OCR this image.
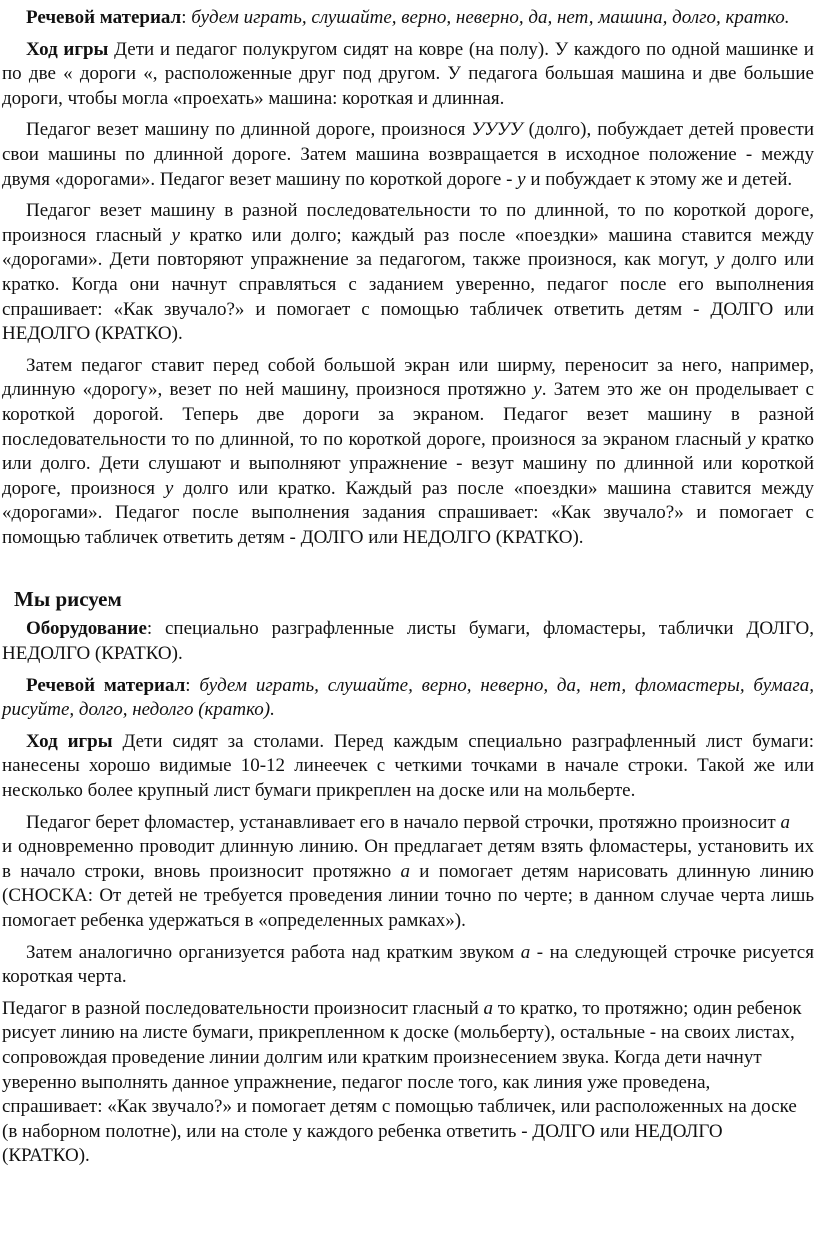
Речевой материал: будем играть, слушайте, верно, неверно, да, нет, машина, долго, кратко.

Ход игры Дети и педагог полукругом сидят на ковре (на полу). У каждого по одной машинке и по две « дороги «, расположенные друг под другом. У педагога большая машина и две большие дороги, чтобы могла «проехать» машина: короткая и длинная.

Педагог везет машину по длинной дороге, произнося УУУУ (долго), побуждает детей провести свои машины по длинной дороге. Затем машина возвращается в исходное положение - между двумя «дорогами». Педагог везет машину по короткой дороге - у и побуждает к этому же и детей.

Педагог везет машину в разной последовательности то по длинной, то по короткой дороге, произнося гласный у кратко или долго; каждый раз после «поездки» машина ставится между «дорогами». Дети повторяют упражнение за педагогом, также произнося, как могут, у долго или кратко. Когда они начнут справляться с заданием уверенно, педагог после его выполнения спрашивает: «Как звучало?» и помогает с помощью табличек ответить детям - ДОЛГО или НЕДОЛГО (КРАТКО).

Затем педагог ставит перед собой большой экран или ширму, переносит за него, например, длинную «дорогу», везет по ней машину, произнося протяжно у. Затем это же он проделывает с короткой дорогой. Теперь две дороги за экраном. Педагог везет машину в разной последовательности то по длинной, то по короткой дороге, произнося за экраном гласный у кратко или долго. Дети слушают и выполняют упражнение - везут машину по длинной или короткой дороге, произнося у долго или кратко. Каждый раз после «поездки» машина ставится между «дорогами». Педагог после выполнения задания спрашивает: «Как звучало?» и помогает с помощью табличек ответить детям - ДОЛГО или НЕДОЛГО (КРАТКО).

Мы рисуем

Оборудование: специально разграфленные листы бумаги, фломастеры, таблички ДОЛГО, НЕДОЛГО (КРАТКО).

Речевой материал: будем играть, слушайте, верно, неверно, да, нет, фломастеры, бумага, рисуйте, долго, недолго (кратко).

Ход игры Дети сидят за столами. Перед каждым специально разграфленный лист бумаги: нанесены хорошо видимые 10-12 линеечек с четкими точками в начале строки. Такой же или несколько более крупный лист бумаги прикреплен на доске или на мольберте.

Педагог берет фломастер, устанавливает его в начало первой строчки, протяжно произносит аи одновременно проводит длинную линию. Он предлагает детям взять фломастеры, установить их в начало строки, вновь произносит протяжно а и помогает детям нарисовать длинную линию (СНОСКА: От детей не требуется проведения линии точно по черте; в данном случае черта лишь помогает ребенка удержаться в «определенных рамках»).

Затем аналогично организуется работа над кратким звуком а - на следующей строчке рисуется короткая черта.

Педагог в разной последовательности произносит гласный а то кратко, то протяжно; один ребенок рисует линию на листе бумаги, прикрепленном к доске (мольберту), остальные - на своих листах, сопровождая проведение линии долгим или кратким произнесением звука. Когда дети начнут уверенно выполнять данное упражнение, педагог после того, как линия уже проведена, спрашивает: «Как звучало?» и помогает детям с помощью табличек, или расположенных на доске (в наборном полотне), или на столе у каждого ребенка ответить - ДОЛГО или НЕДОЛГО (КРАТКО).
